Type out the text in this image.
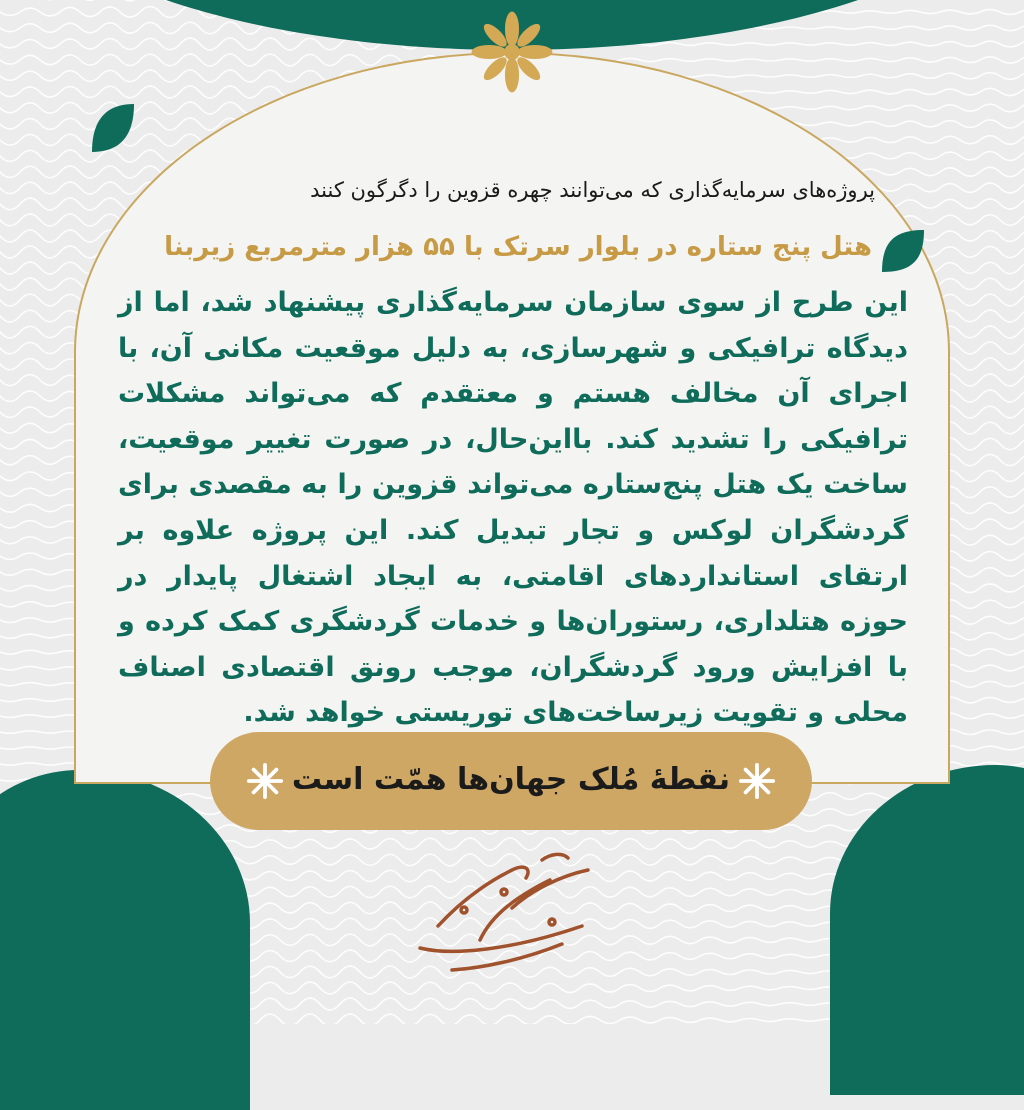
پروژه‌های سرمایه‌گذاری که می‌توانند چهره قزوین را دگرگون کنند
هتل پنج ستاره در بلوار سرتک با ۵۵ هزار مترمربع زیربنا
این طرح از سوی سازمان سرمایه‌گذاری پیشنهاد شد، اما از دیدگاه ترافیکی و شهرسازی، به دلیل موقعیت مکانی آن، با اجرای آن مخالف هستم و معتقدم که می‌تواند مشکلات ترافیکی را تشدید کند. بااین‌حال، در صورت تغییر موقعیت، ساخت یک هتل پنج‌ستاره می‌تواند قزوین را به مقصدی برای گردشگران لوکس و تجار تبدیل کند. این پروژه علاوه بر ارتقای استانداردهای اقامتی، به ایجاد اشتغال پایدار در حوزه هتلداری، رستوران‌ها و خدمات گردشگری کمک کرده و با افزایش ورود گردشگران، موجب رونق اقتصادی اصناف محلی و تقویت زیرساخت‌های توریستی خواهد شد.
نقطهٔ مُلک جهان‌ها همّت است
